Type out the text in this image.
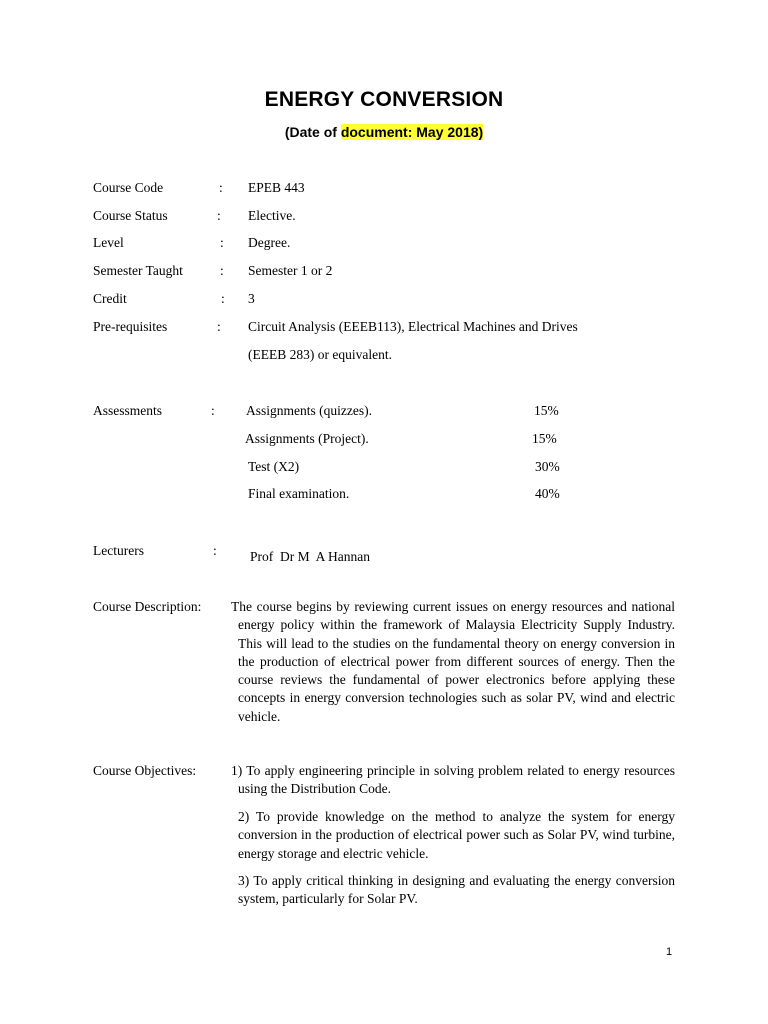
ENERGY CONVERSION
(Date of document: May 2018)
Course Code	: EPEB 443
Course Status	: Elective.
Level	: Degree.
Semester Taught	: Semester 1 or 2
Credit	: 3
Pre-requisites	: Circuit Analysis (EEEB113), Electrical Machines and Drives
(EEEB 283) or equivalent.
Assessments	: Assignments (quizzes).	15%
Assignments (Project).	15%
Test (X2)	30%
Final examination.	40%
Lecturers	: Prof  Dr M  A Hannan
Course Description: The course begins by reviewing current issues on energy resources and national energy policy within the framework of Malaysia Electricity Supply Industry. This will lead to the studies on the fundamental theory on energy conversion in the production of electrical power from different sources of energy. Then the course reviews the fundamental of power electronics before applying these concepts in energy conversion technologies such as solar PV, wind and electric vehicle.
Course Objectives:	1) To apply engineering principle in solving problem related to energy resources using the Distribution Code.
2) To provide knowledge on the method to analyze the system for energy conversion in the production of electrical power such as Solar PV, wind turbine, energy storage and electric vehicle.
3) To apply critical thinking in designing and evaluating the energy conversion system, particularly for Solar PV.
1
